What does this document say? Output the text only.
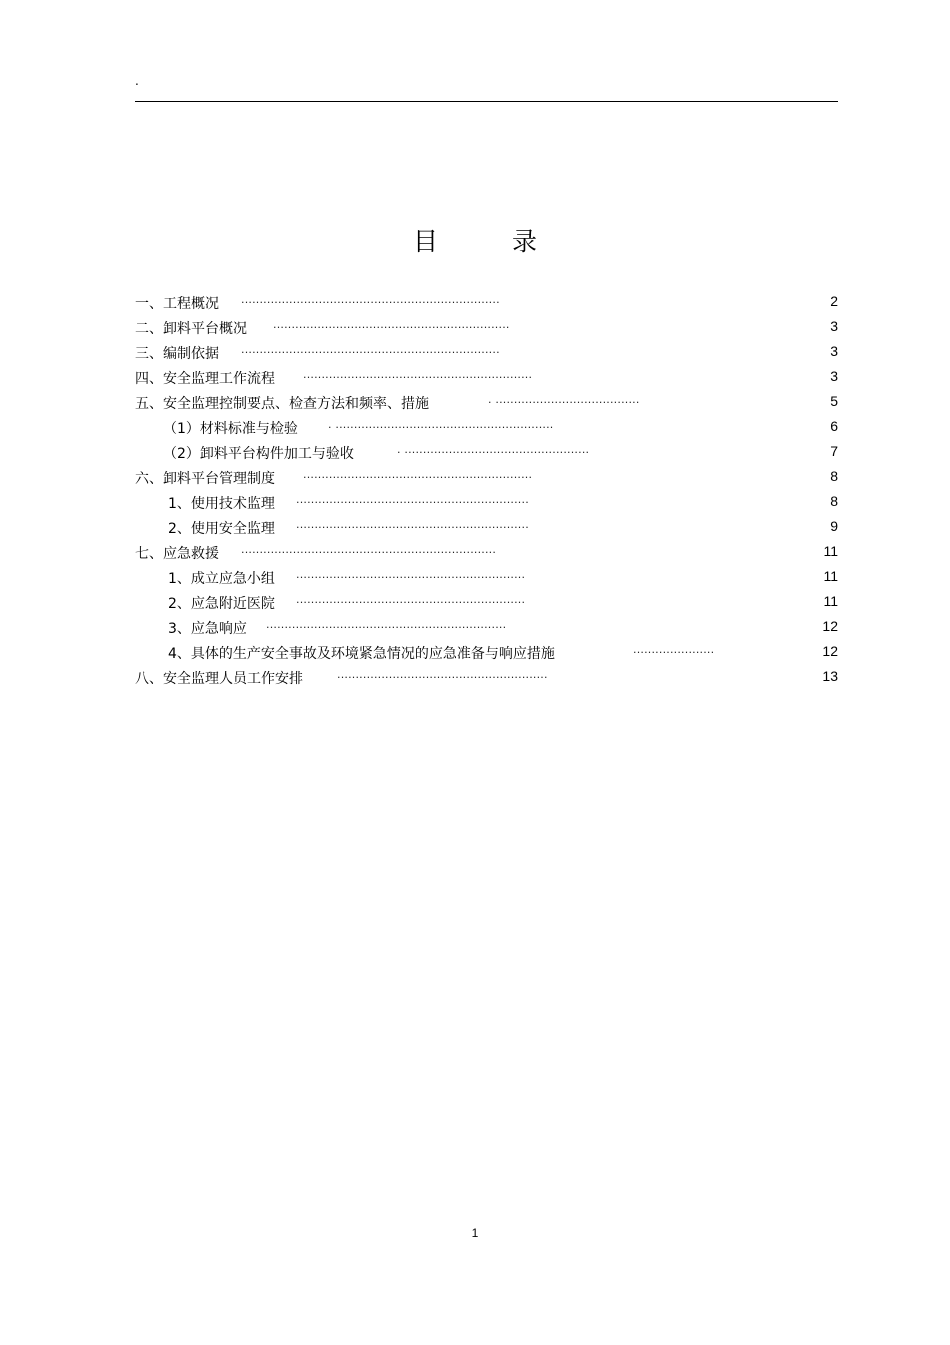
.
目	录
一、工程概况 ......................................................................	2
二、卸料平台概况 ................................................................	3
三、编制依据 ......................................................................	3
四、安全监理工作流程	..............................................................	3
五、安全监理控制要点、检查方法和频率、措施	. .......................................	5
（1）材料标准与检验	. ...........................................................	6
（2）卸料平台构件加工与验收	. ..................................................	7
六、卸料平台管理制度	..............................................................	8
1、使用技术监理 ...............................................................	8
2、使用安全监理 ...............................................................	9
七、应急救援 .....................................................................	11
1、成立应急小组 ..............................................................	11
2、应急附近医院 ..............................................................	11
3、应急响应 .................................................................	12
4、具体的生产安全事故及环境紧急情况的应急准备与响应措施	......................	12
八、安全监理人员工作安排	.........................................................	13
1
